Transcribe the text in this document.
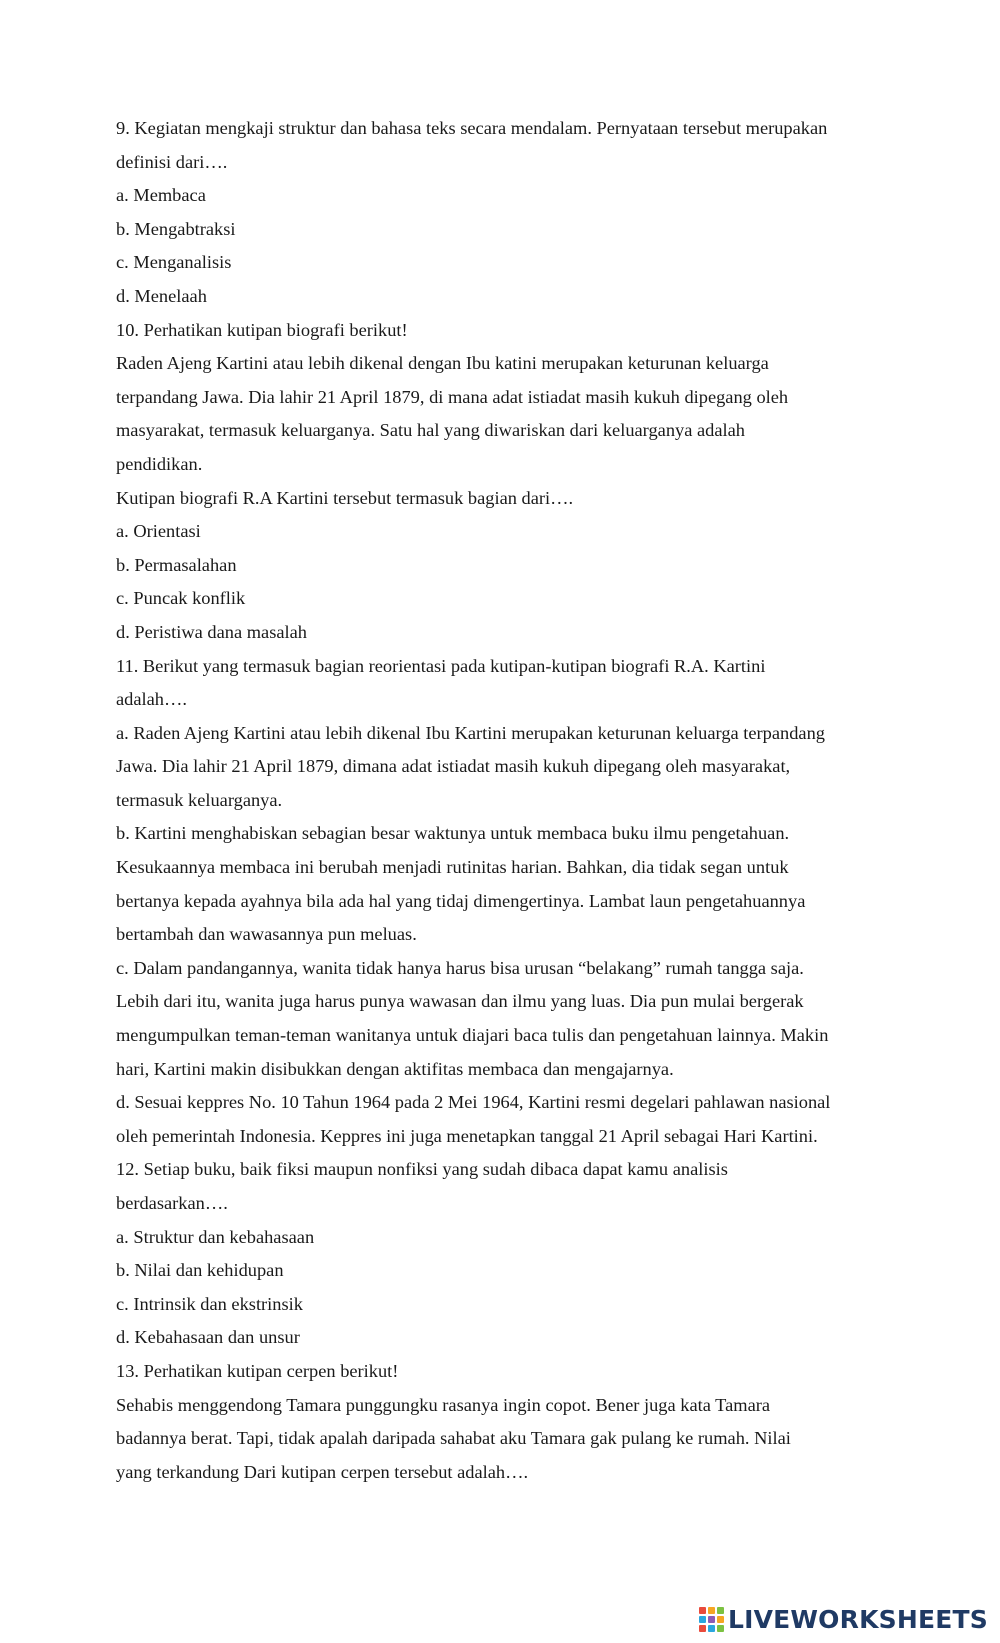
9. Kegiatan mengkaji struktur dan bahasa teks secara mendalam. Pernyataan tersebut merupakan

definisi dari….

a. Membaca

b. Mengabtraksi

c. Menganalisis

d. Menelaah

10. Perhatikan kutipan biografi berikut!

Raden Ajeng Kartini atau lebih dikenal dengan Ibu katini merupakan keturunan keluarga

terpandang Jawa. Dia lahir 21 April 1879, di mana adat istiadat masih kukuh dipegang oleh

masyarakat, termasuk keluarganya. Satu hal yang diwariskan dari keluarganya adalah

pendidikan.

Kutipan biografi R.A Kartini tersebut termasuk bagian dari….

a. Orientasi

b. Permasalahan

c. Puncak konflik

d. Peristiwa dana masalah

11. Berikut yang termasuk bagian reorientasi pada kutipan-kutipan biografi R.A. Kartini

adalah….

a. Raden Ajeng Kartini atau lebih dikenal Ibu Kartini merupakan keturunan keluarga terpandang

Jawa. Dia lahir 21 April 1879, dimana adat istiadat masih kukuh dipegang oleh masyarakat,

termasuk keluarganya.

b. Kartini menghabiskan sebagian besar waktunya untuk membaca buku ilmu pengetahuan.

Kesukaannya membaca ini berubah menjadi rutinitas harian. Bahkan, dia tidak segan untuk

bertanya kepada ayahnya bila ada hal yang tidaj dimengertinya. Lambat laun pengetahuannya

bertambah dan wawasannya pun meluas.

c. Dalam pandangannya, wanita tidak hanya harus bisa urusan “belakang” rumah tangga saja.

Lebih dari itu, wanita juga harus punya wawasan dan ilmu yang luas. Dia pun mulai bergerak

mengumpulkan teman-teman wanitanya untuk diajari baca tulis dan pengetahuan lainnya. Makin

hari, Kartini makin disibukkan dengan aktifitas membaca dan mengajarnya.

d. Sesuai keppres No. 10 Tahun 1964 pada 2 Mei 1964, Kartini resmi degelari pahlawan nasional

oleh pemerintah Indonesia. Keppres ini juga menetapkan tanggal 21 April sebagai Hari Kartini.

12. Setiap buku, baik fiksi maupun nonfiksi yang sudah dibaca dapat kamu analisis

berdasarkan….

a. Struktur dan kebahasaan

b. Nilai dan kehidupan

c. Intrinsik dan ekstrinsik

d. Kebahasaan dan unsur

13. Perhatikan kutipan cerpen berikut!

Sehabis menggendong Tamara punggungku rasanya ingin copot. Bener juga kata Tamara

badannya berat. Tapi, tidak apalah daripada sahabat aku Tamara gak pulang ke rumah. Nilai

yang terkandung Dari kutipan cerpen tersebut adalah….

LIVEWORKSHEETS
